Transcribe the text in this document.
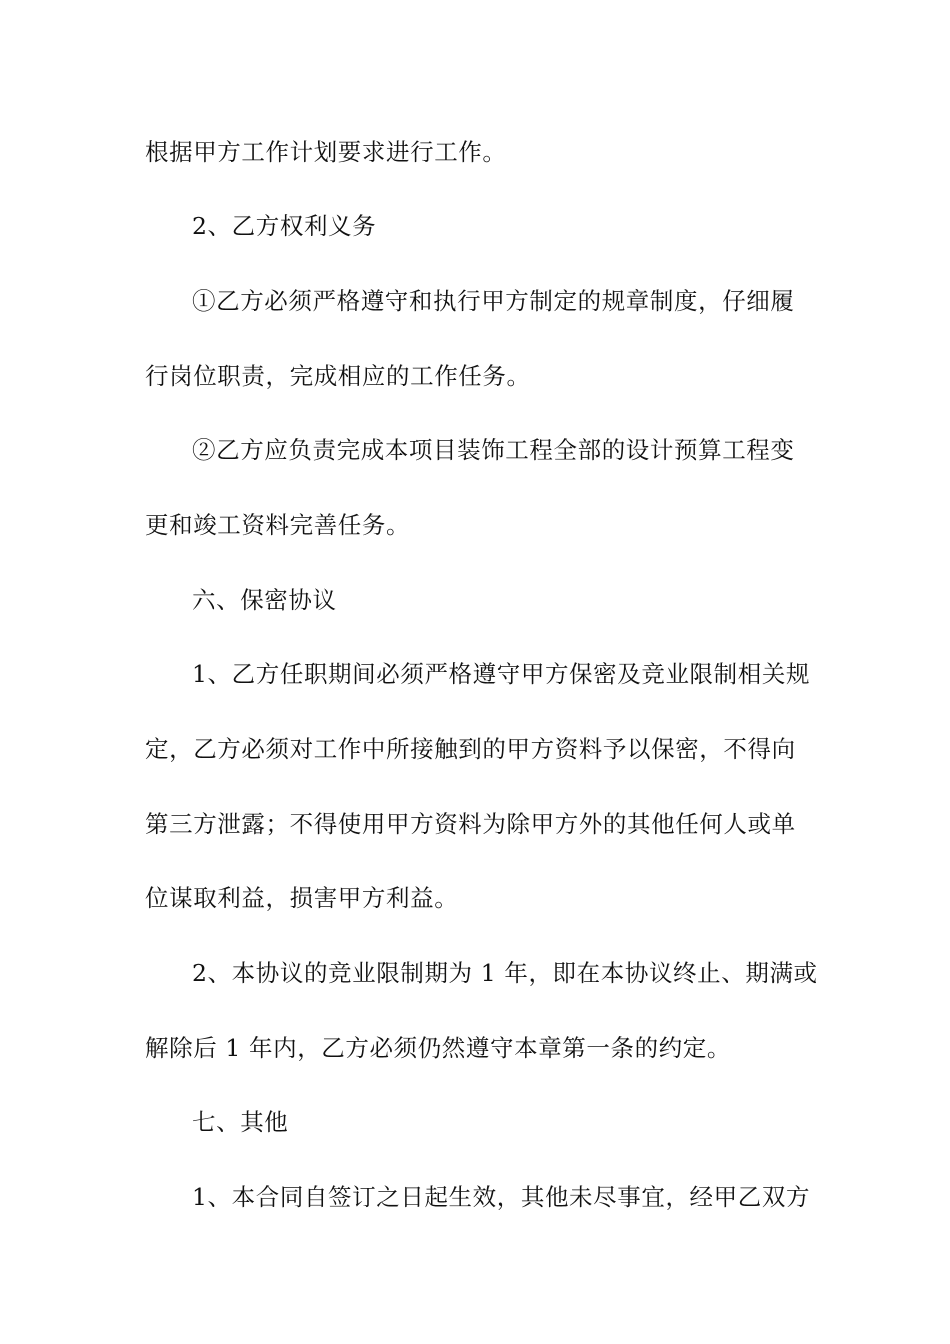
根据甲方工作计划要求进行工作。
2、乙方权利义务
①乙方必须严格遵守和执行甲方制定的规章制度，仔细履
行岗位职责，完成相应的工作任务。
②乙方应负责完成本项目装饰工程全部的设计预算工程变
更和竣工资料完善任务。
六、保密协议
1、乙方任职期间必须严格遵守甲方保密及竞业限制相关规
定，乙方必须对工作中所接触到的甲方资料予以保密，不得向
第三方泄露；不得使用甲方资料为除甲方外的其他任何人或单
位谋取利益，损害甲方利益。
2、本协议的竞业限制期为 1 年，即在本协议终止、期满或
解除后 1 年内，乙方必须仍然遵守本章第一条的约定。
七、其他
1、本合同自签订之日起生效，其他未尽事宜，经甲乙双方
